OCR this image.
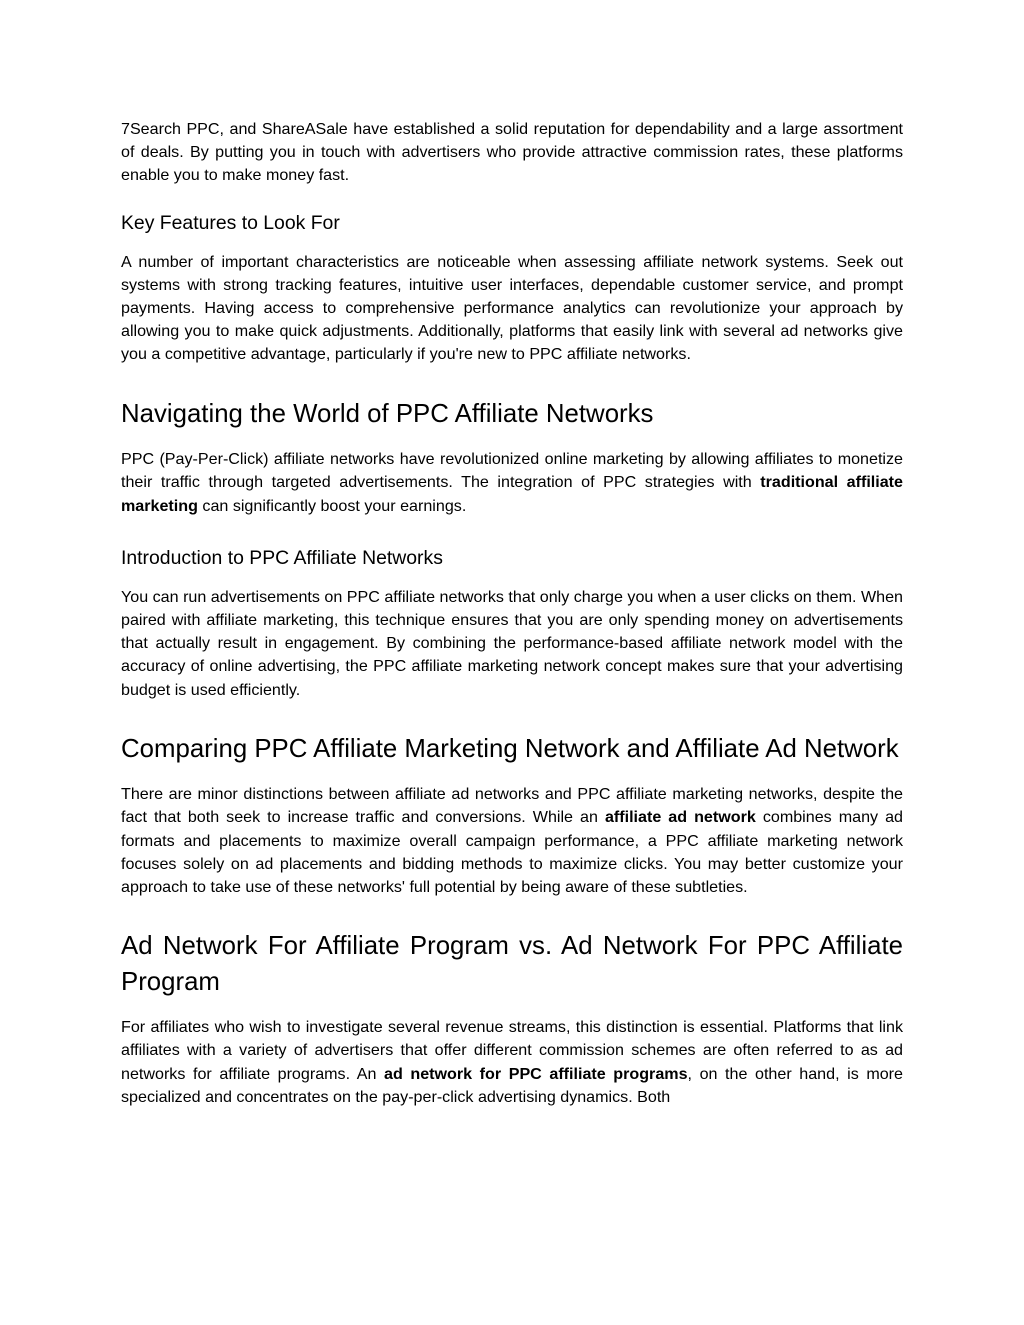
7Search PPC, and ShareASale have established a solid reputation for dependability and a large assortment of deals. By putting you in touch with advertisers who provide attractive commission rates, these platforms enable you to make money fast.

Key Features to Look For

A number of important characteristics are noticeable when assessing affiliate network systems. Seek out systems with strong tracking features, intuitive user interfaces, dependable customer service, and prompt payments. Having access to comprehensive performance analytics can revolutionize your approach by allowing you to make quick adjustments. Additionally, platforms that easily link with several ad networks give you a competitive advantage, particularly if you're new to PPC affiliate networks.

Navigating the World of PPC Affiliate Networks

PPC (Pay-Per-Click) affiliate networks have revolutionized online marketing by allowing affiliates to monetize their traffic through targeted advertisements. The integration of PPC strategies with traditional affiliate marketing can significantly boost your earnings.

Introduction to PPC Affiliate Networks

You can run advertisements on PPC affiliate networks that only charge you when a user clicks on them. When paired with affiliate marketing, this technique ensures that you are only spending money on advertisements that actually result in engagement. By combining the performance-based affiliate network model with the accuracy of online advertising, the PPC affiliate marketing network concept makes sure that your advertising budget is used efficiently.

Comparing PPC Affiliate Marketing Network and Affiliate Ad Network

There are minor distinctions between affiliate ad networks and PPC affiliate marketing networks, despite the fact that both seek to increase traffic and conversions. While an affiliate ad network combines many ad formats and placements to maximize overall campaign performance, a PPC affiliate marketing network focuses solely on ad placements and bidding methods to maximize clicks. You may better customize your approach to take use of these networks' full potential by being aware of these subtleties.

Ad Network For Affiliate Program vs. Ad Network For PPC Affiliate Program

For affiliates who wish to investigate several revenue streams, this distinction is essential. Platforms that link affiliates with a variety of advertisers that offer different commission schemes are often referred to as ad networks for affiliate programs. An ad network for PPC affiliate programs, on the other hand, is more specialized and concentrates on the pay-per-click advertising dynamics. Both
